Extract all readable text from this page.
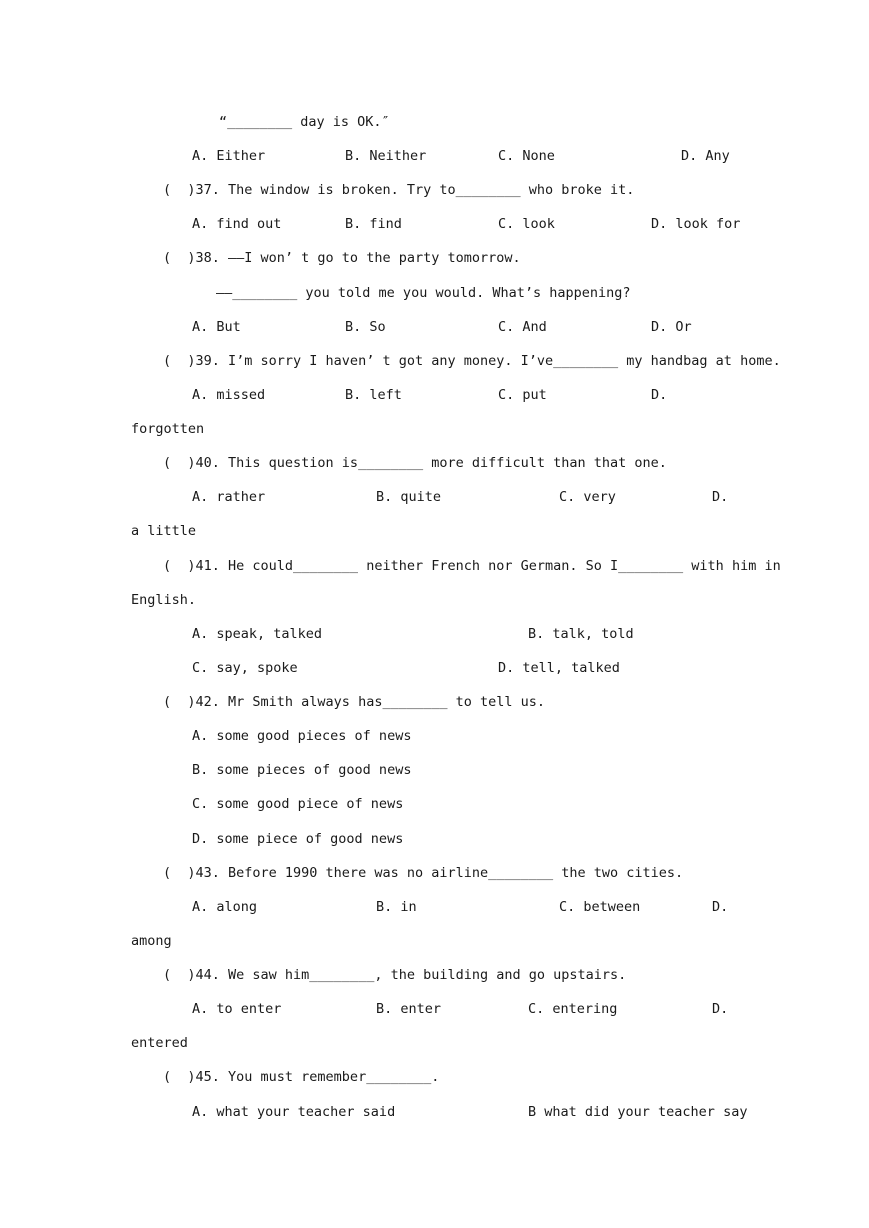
“________ day is OK.″
A. Either	B. Neither	C. None	D. Any
(  )37. The window is broken. Try to________ who broke it.
A. find out	B. find	C. look	D. look for
(  )38. ——I won’ t go to the party tomorrow.
——________ you told me you would. What’s happening?
A. But	B. So	C. And	D. Or
(  )39. I’m sorry I haven’ t got any money. I’ve________ my handbag at home.
A. missed	B. left	C. put	D.
forgotten
(  )40. This question is________ more difficult than that one.
A. rather	B. quite	C. very	D.
a little
(  )41. He could________ neither French nor German. So I________ with him in
English.
A. speak, talked	B. talk, told
C. say, spoke	D. tell, talked
(  )42. Mr Smith always has________ to tell us.
A. some good pieces of news
B. some pieces of good news
C. some good piece of news
D. some piece of good news
(  )43. Before 1990 there was no airline________ the two cities.
A. along	B. in	C. between	D.
among
(  )44. We saw him________, the building and go upstairs.
A. to enter	B. enter	C. entering	D.
entered
(  )45. You must remember________.
A. what your teacher said	B what did your teacher say
